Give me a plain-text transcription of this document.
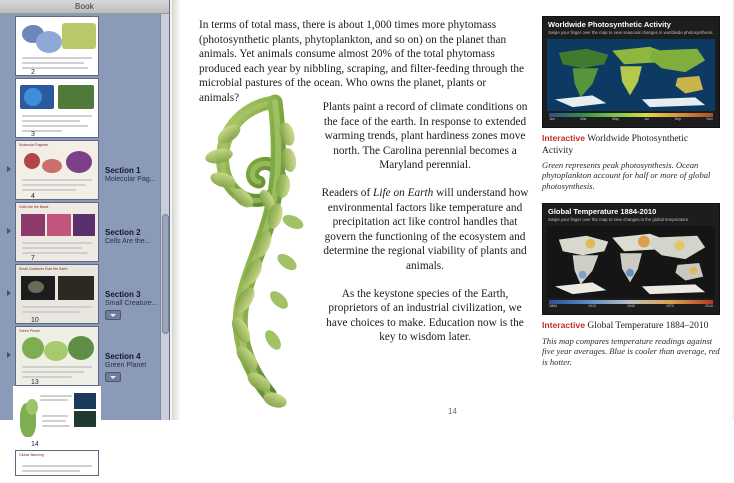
Book
2
3
Molecular Pageant
4
Section 1
Molecular Pag...
Cells Are the Basis
7
Section 2
Cells Are the...
Small Creatures Rule the Earth
10
Section 3
Small Creature...
Green Planet
13
Section 4
Green Planet
14
Global Warming

In terms of total mass, there is about 1,000 times more phytomass (photosynthetic plants, phytoplankton, and so on) on the planet than animals. Yet animals consume almost 20% of the total phytomass produced each year by nibbling, scraping, and filter-feeding through the microbial pastures of the ocean. Who owns the planet, plants or animals?

Plants paint a record of climate conditions on the face of the earth. In response to extended warming trends, plant hardiness zones move north. The Carolina perennial becomes a Maryland perennial.

Readers of Life on Earth will understand how environmental factors like temperature and precipitation act like control handles that govern the functioning of the ecosystem and determine the regional viability of plants and animals.

As the keystone species of the Earth, proprietors of an industrial civilization, we have choices to make. Education now is the key to wisdom later.

Worldwide Photosynthetic Activity
Swipe your finger over the map to view seasonal changes in worldwide photosynthesis
Jan	Mar	May	Jul	Sep	Nov
Interactive Worldwide Photosynthetic Activity
Green represents peak photosynthesis. Ocean phytoplankton account for half or more of global photosynthesis.
Global Temperature 1884-2010
Swipe your finger over the map to view changes in the global temperature
1884	1910	1940	1970	2010
Interactive Global Temperature 1884–2010
This map compares temperature readings against five year averages. Blue is cooler than average, red is hotter.
14
